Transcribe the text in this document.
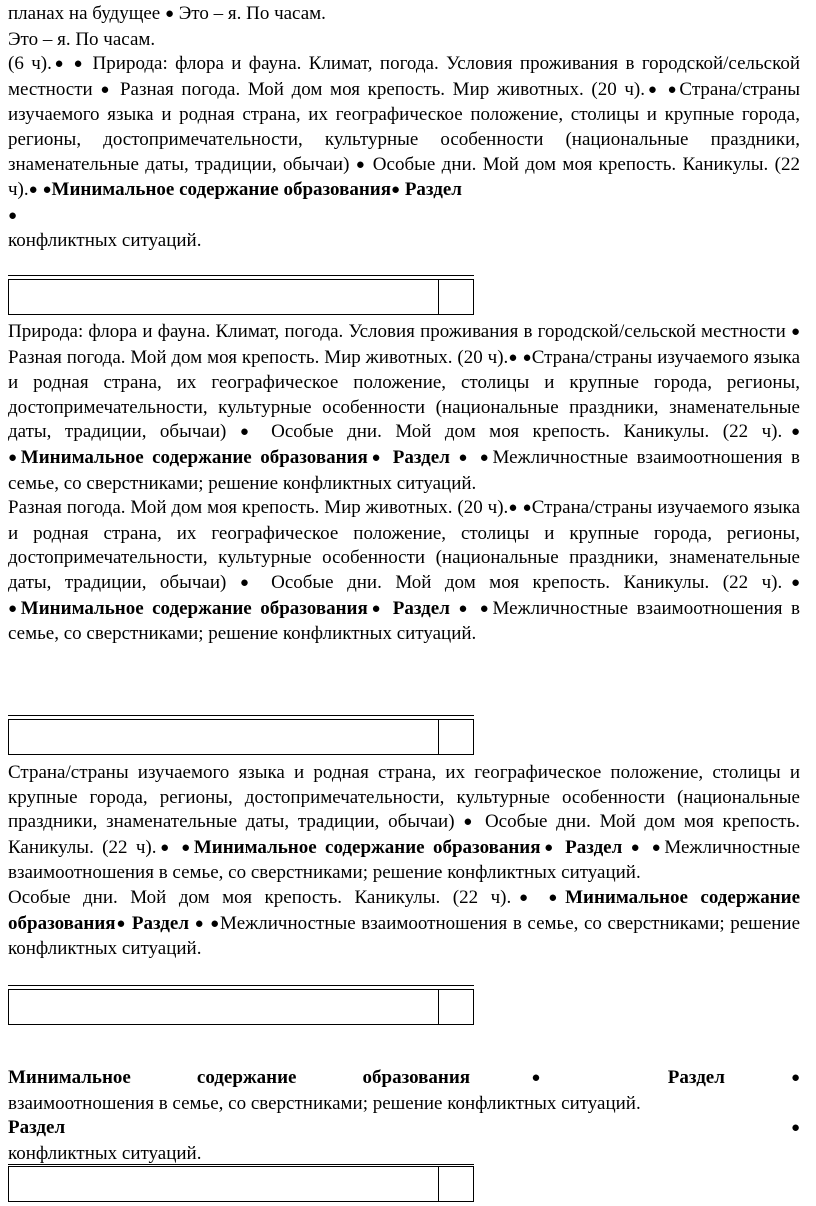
планах на будущее ● Это – я. По часам.

Это – я. По часам.

(6 ч).● ● Природа: флора и фауна. Климат, погода. Условия проживания в городской/сельской местности ● Разная погода. Мой дом моя крепость. Мир животных. (20 ч).● ●Страна/страны изучаемого языка и родная страна, их географическое положение, столицы и крупные города, регионы, достопримечательности, культурные особенности (национальные праздники, знаменательные даты, традиции, обычаи) ● Особые дни. Мой дом моя крепость. Каникулы. (22 ч).● ●Минимальное содержание образования● Раздел
●

конфликтных ситуаций.

Природа: флора и фауна. Климат, погода. Условия проживания в городской/сельской местности ● Разная погода. Мой дом моя крепость. Мир животных. (20 ч).● ●Страна/страны изучаемого языка и родная страна, их географическое положение, столицы и крупные города, регионы, достопримечательности, культурные особенности (национальные праздники, знаменательные даты, традиции, обычаи) ● Особые дни. Мой дом моя крепость. Каникулы. (22 ч).● ●Минимальное содержание образования● Раздел ● ●Межличностные взаимоотношения в семье, со сверстниками; решение конфликтных ситуаций.

Разная погода. Мой дом моя крепость. Мир животных. (20 ч).● ●Страна/страны изучаемого языка и родная страна, их географическое положение, столицы и крупные города, регионы, достопримечательности, культурные особенности (национальные праздники, знаменательные даты, традиции, обычаи) ● Особые дни. Мой дом моя крепость. Каникулы. (22 ч).● ●Минимальное содержание образования● Раздел ● ●Межличностные взаимоотношения в семье, со сверстниками; решение конфликтных ситуаций.

Страна/страны изучаемого языка и родная страна, их географическое положение, столицы и крупные города, регионы, достопримечательности, культурные особенности (национальные праздники, знаменательные даты, традиции, обычаи) ● Особые дни. Мой дом моя крепость. Каникулы. (22 ч).● ●Минимальное содержание образования● Раздел ● ●Межличностные взаимоотношения в семье, со сверстниками; решение конфликтных ситуаций.

Особые дни. Мой дом моя крепость. Каникулы. (22 ч).● ●Минимальное содержание образования● Раздел ● ●Межличностные взаимоотношения в семье, со сверстниками; решение конфликтных ситуаций.

Минимальное содержание образования● Раздел	●

взаимоотношения в семье, со сверстниками; решение конфликтных ситуаций.

Раздел	●

конфликтных ситуаций.
